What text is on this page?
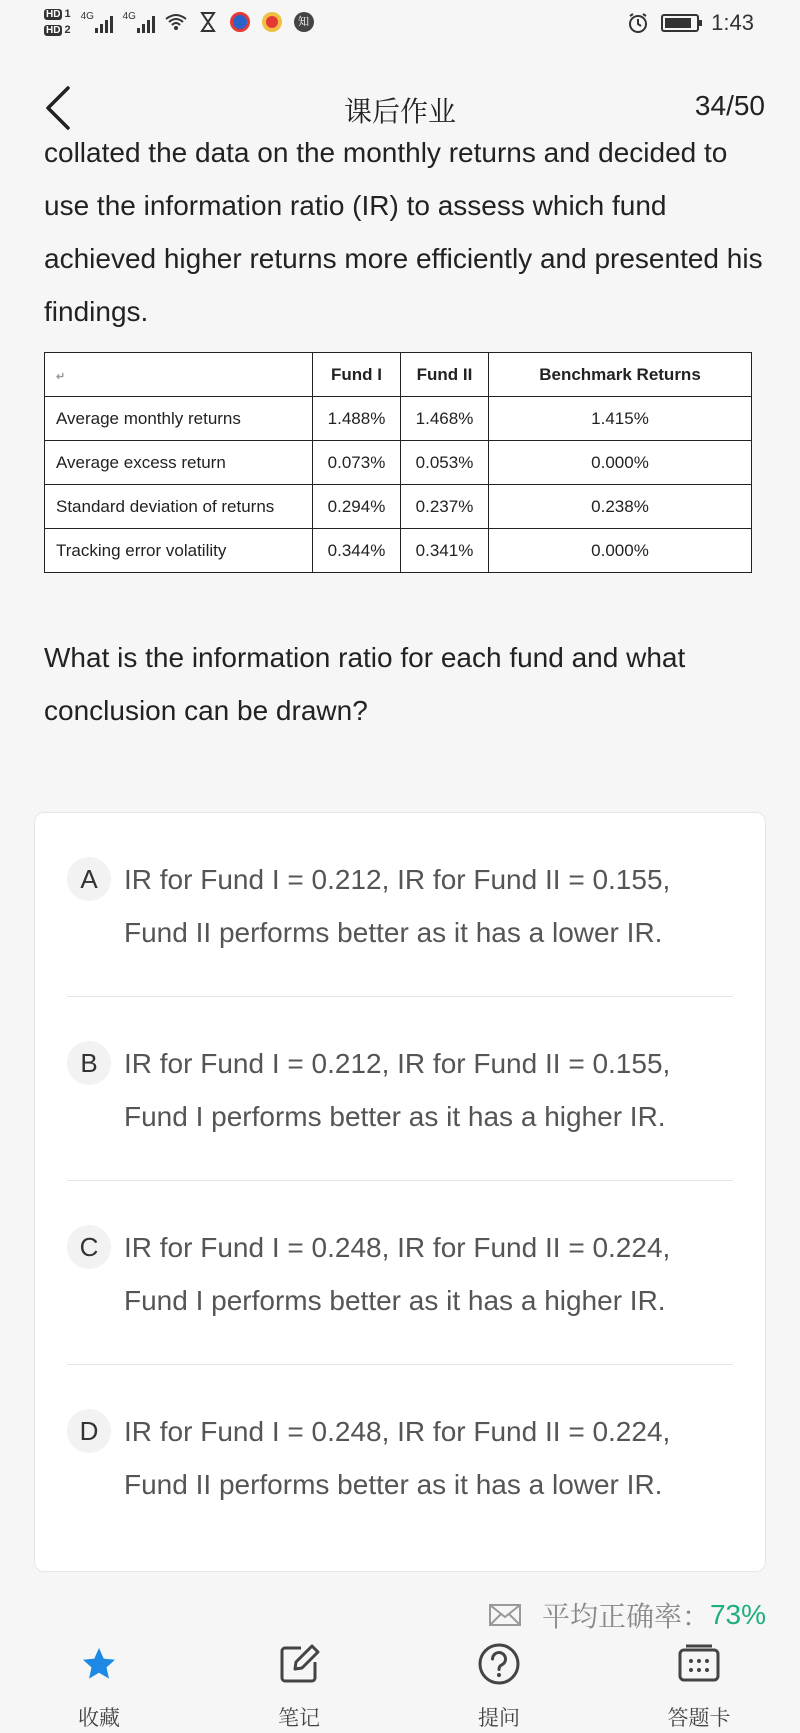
HD 1
HD 2
4G	4G	知	1:43
课后作业	34/50
collated the data on the monthly returns and decided to use the information ratio (IR) to assess which fund achieved higher returns more efficiently and presented his findings.
↵	Fund I	Fund II	Benchmark Returns
Average monthly returns	1.488%	1.468%	1.415%
Average excess return	0.073%	0.053%	0.000%
Standard deviation of returns	0.294%	0.237%	0.238%
Tracking error volatility	0.344%	0.341%	0.000%
What is the information ratio for each fund and what conclusion can be drawn?
A IR for Fund I = 0.212, IR for Fund II = 0.155, Fund II performs better as it has a lower IR.
B IR for Fund I = 0.212, IR for Fund II = 0.155, Fund I performs better as it has a higher IR.
C IR for Fund I = 0.248, IR for Fund II = 0.224, Fund I performs better as it has a higher IR.
D IR for Fund I = 0.248, IR for Fund II = 0.224, Fund II performs better as it has a lower IR.
平均正确率： 73%
收藏	笔记	提问	答题卡
